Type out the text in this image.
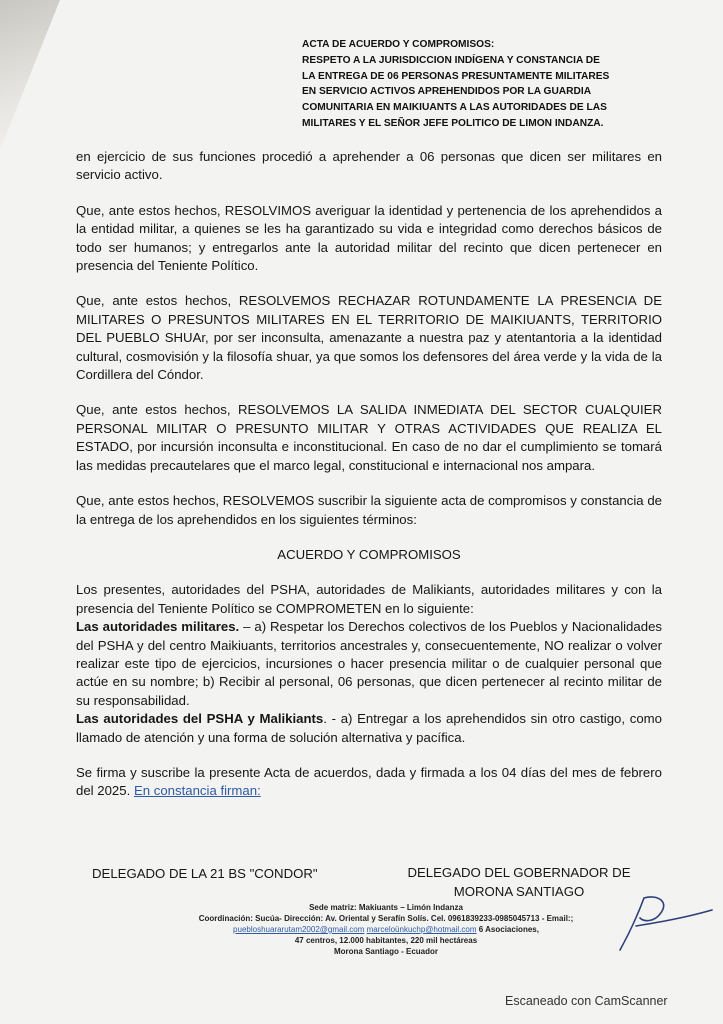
ACTA DE ACUERDO Y COMPROMISOS:
RESPETO A LA JURISDICCION INDÍGENA Y CONSTANCIA DE
LA ENTREGA DE 06 PERSONAS PRESUNTAMENTE MILITARES
EN SERVICIO ACTIVOS APREHENDIDOS POR LA GUARDIA
COMUNITARIA EN MAIKIUANTS A LAS AUTORIDADES DE LAS
MILITARES Y EL SEÑOR JEFE POLITICO DE LIMON INDANZA.

en ejercicio de sus funciones procedió a aprehender a 06 personas que dicen ser militares en servicio activo.

Que, ante estos hechos, RESOLVIMOS averiguar la identidad y pertenencia de los aprehendidos a la entidad militar, a quienes se les ha garantizado su vida e integridad como derechos básicos de todo ser humanos; y entregarlos ante la autoridad militar del recinto que dicen pertenecer en presencia del Teniente Político.

Que, ante estos hechos, RESOLVEMOS RECHAZAR ROTUNDAMENTE LA PRESENCIA DE MILITARES O PRESUNTOS MILITARES EN EL TERRITORIO DE MAIKIUANTS, TERRITORIO DEL PUEBLO SHUAr, por ser inconsulta, amenazante a nuestra paz y atentantoria a la identidad cultural, cosmovisión y la filosofía shuar, ya que somos los defensores del área verde y la vida de la Cordillera del Cóndor.

Que, ante estos hechos, RESOLVEMOS LA SALIDA INMEDIATA DEL SECTOR CUALQUIER PERSONAL MILITAR O PRESUNTO MILITAR Y OTRAS ACTIVIDADES QUE REALIZA EL ESTADO, por incursión inconsulta e inconstitucional. En caso de no dar el cumplimiento se tomará las medidas precautelares que el marco legal, constitucional e internacional nos ampara.

Que, ante estos hechos, RESOLVEMOS suscribir la siguiente acta de compromisos y constancia de la entrega de los aprehendidos en los siguientes términos:

ACUERDO Y COMPROMISOS

Los presentes, autoridades del PSHA, autoridades de Malikiants, autoridades militares y con la presencia del Teniente Político se COMPROMETEN en lo siguiente:
Las autoridades militares. – a) Respetar los Derechos colectivos de los Pueblos y Nacionalidades del PSHA y del centro Maikiuants, territorios ancestrales y, consecuentemente, NO realizar o volver realizar este tipo de ejercicios, incursiones o hacer presencia militar o de cualquier personal que actúe en su nombre; b) Recibir al personal, 06 personas, que dicen pertenecer al recinto militar de su responsabilidad.
Las autoridades del PSHA y Malikiants. - a) Entregar a los aprehendidos sin otro castigo, como llamado de atención y una forma de solución alternativa y pacífica.

Se firma y suscribe la presente Acta de acuerdos, dada y firmada a los 04 días del mes de febrero del 2025. En constancia firman:

DELEGADO DE LA 21 BS "CONDOR"	DELEGADO DEL GOBERNADOR DE
MORONA SANTIAGO
Sede matriz: Makiuants – Limón Indanza
Coordinación: Sucúa- Dirección: Av. Oriental y Serafín Solís. Cel. 0961839233-0985045713 - Email:;
puebloshuararutam2002@gmail.com marceloünkuchp@hotmail.com 6 Asociaciones,
47 centros, 12.000 habitantes, 220 mil hectáreas
Morona Santiago - Ecuador
Escaneado con CamScanner
